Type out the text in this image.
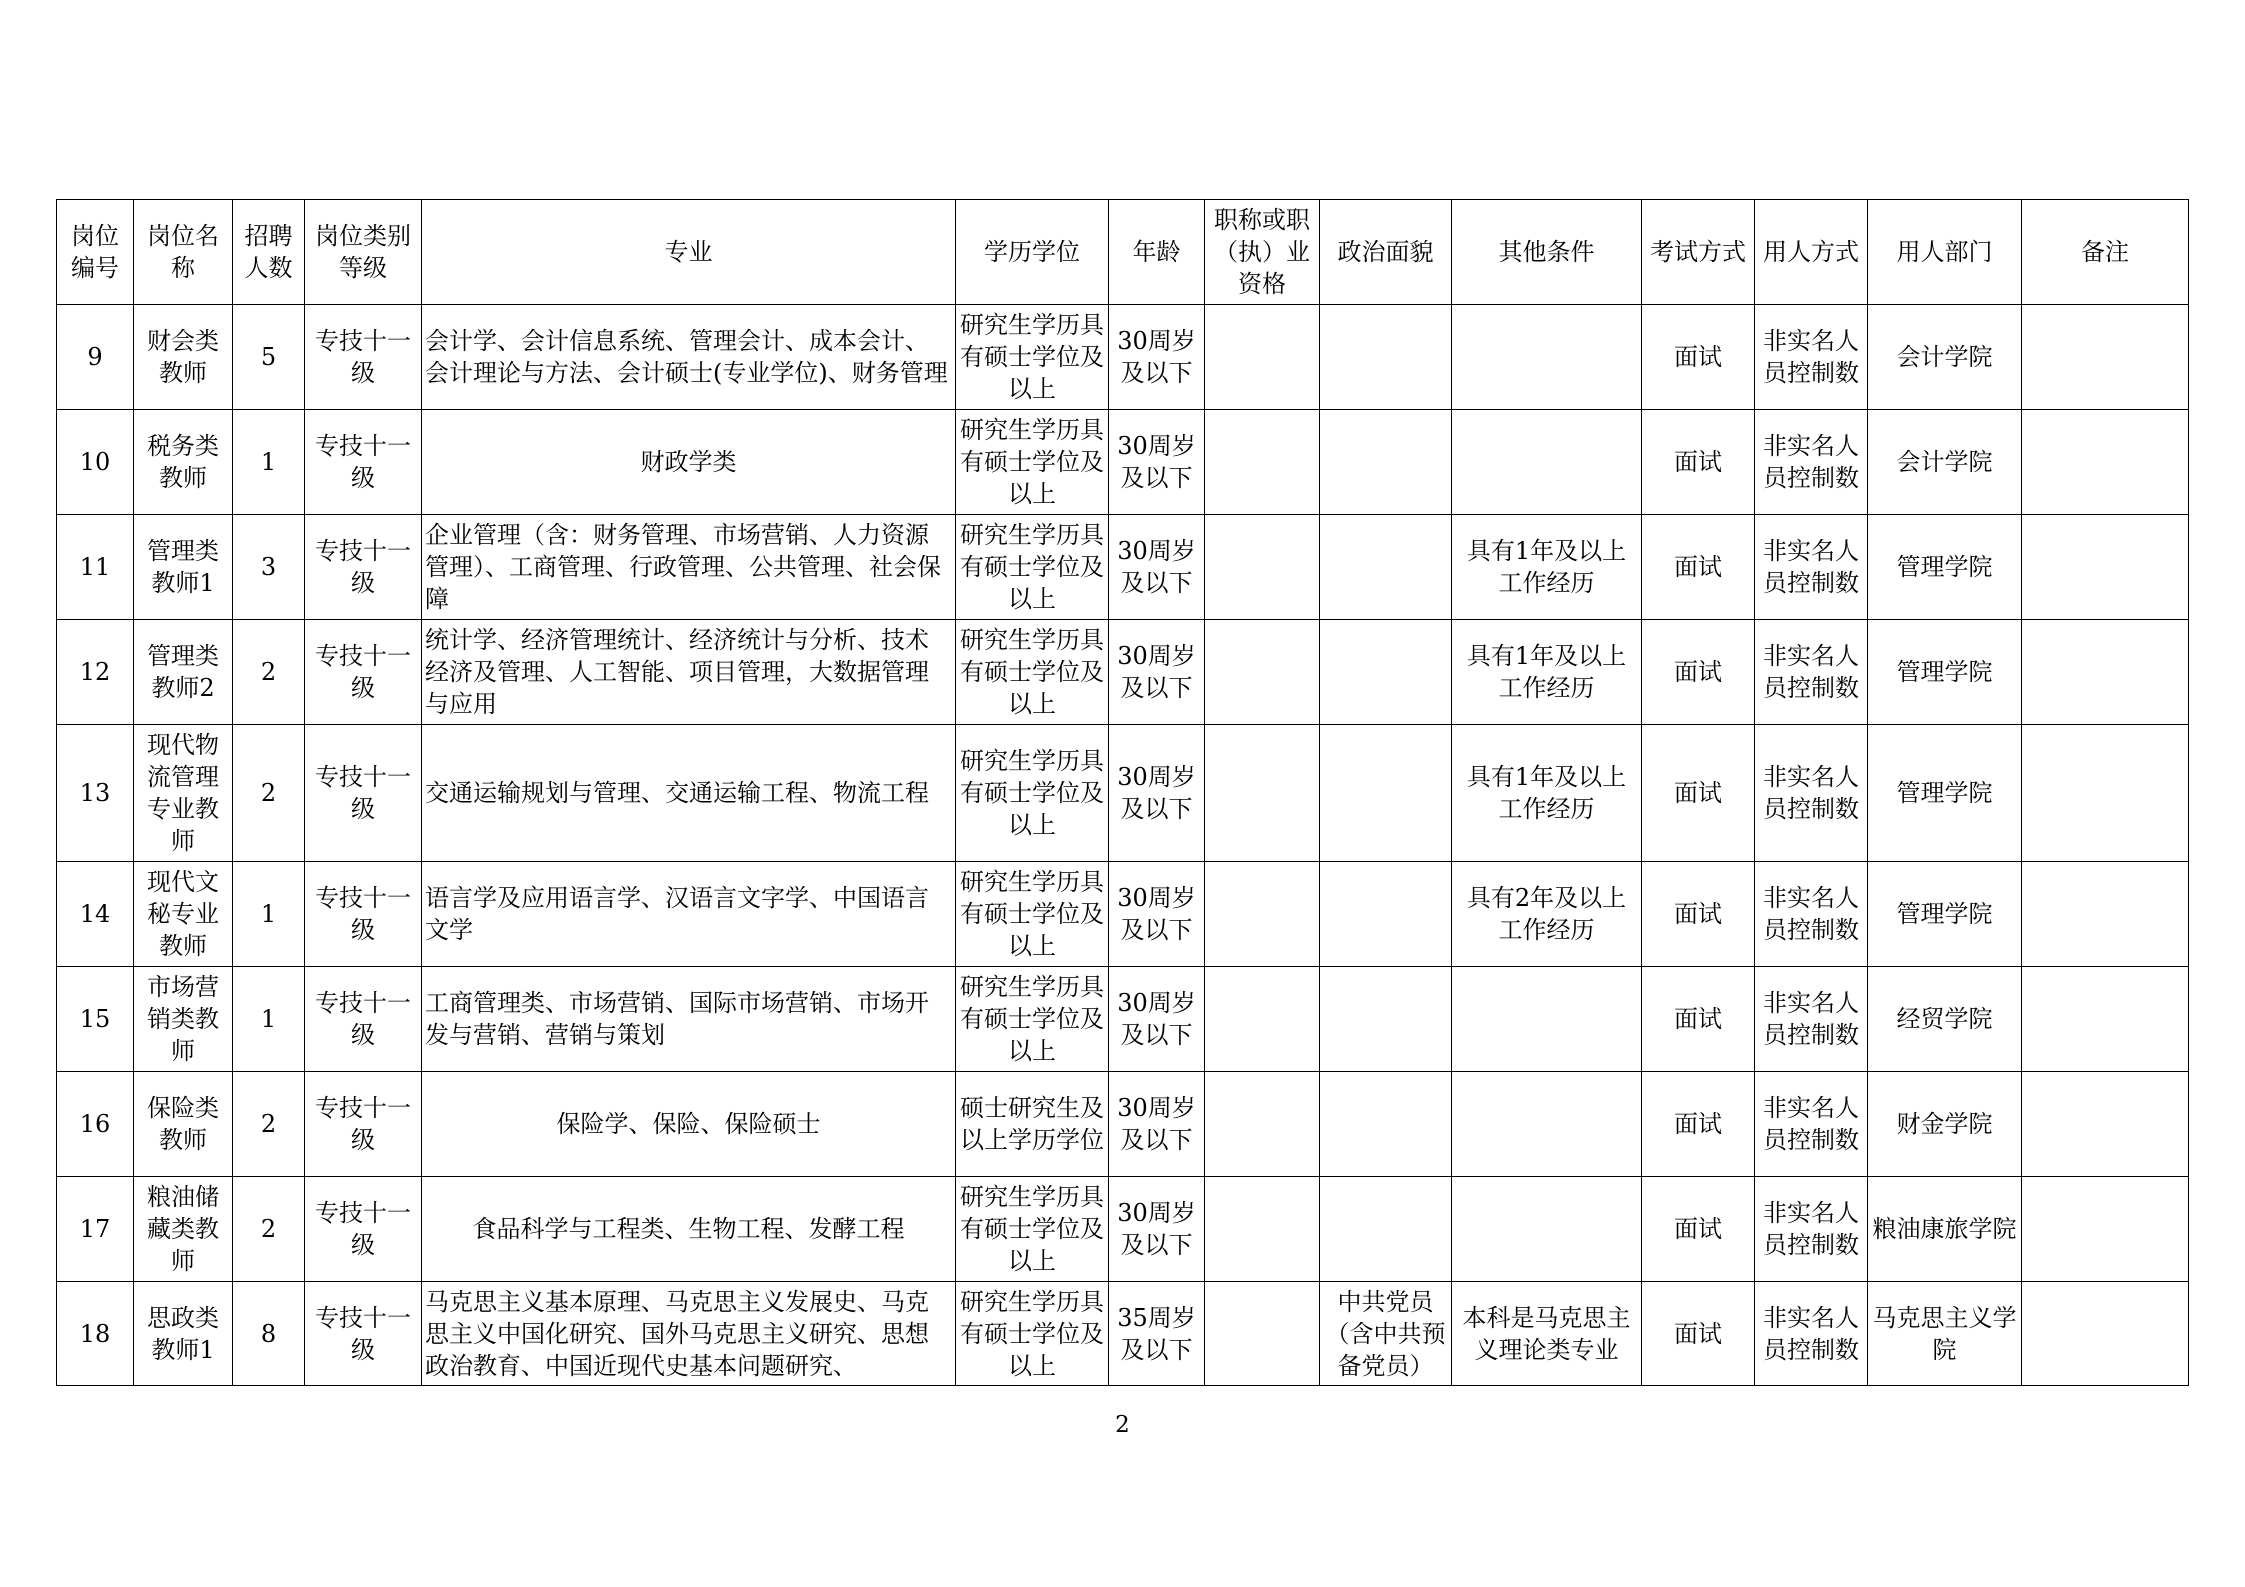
岗位编号	岗位名称	招聘人数	岗位类别等级	专业	学历学位	年龄	职称或职（执）业资格	政治面貌	其他条件	考试方式	用人方式	用人部门	备注
9	财会类教师	5	专技十一级	会计学、会计信息系统、管理会计、成本会计、会计理论与方法、会计硕士(专业学位)、财务管理	研究生学历具有硕士学位及以上	30周岁及以下				面试	非实名人员控制数	会计学院	
10	税务类教师	1	专技十一级	财政学类	研究生学历具有硕士学位及以上	30周岁及以下				面试	非实名人员控制数	会计学院	
11	管理类教师1	3	专技十一级	企业管理（含：财务管理、市场营销、人力资源管理）、工商管理、行政管理、公共管理、社会保障	研究生学历具有硕士学位及以上	30周岁及以下			具有1年及以上工作经历	面试	非实名人员控制数	管理学院	
12	管理类教师2	2	专技十一级	统计学、经济管理统计、经济统计与分析、技术经济及管理、人工智能、项目管理，大数据管理与应用	研究生学历具有硕士学位及以上	30周岁及以下			具有1年及以上工作经历	面试	非实名人员控制数	管理学院	
13	现代物流管理专业教师	2	专技十一级	交通运输规划与管理、交通运输工程、物流工程	研究生学历具有硕士学位及以上	30周岁及以下			具有1年及以上工作经历	面试	非实名人员控制数	管理学院	
14	现代文秘专业教师	1	专技十一级	语言学及应用语言学、汉语言文字学、中国语言文学	研究生学历具有硕士学位及以上	30周岁及以下			具有2年及以上工作经历	面试	非实名人员控制数	管理学院	
15	市场营销类教师	1	专技十一级	工商管理类、市场营销、国际市场营销、市场开发与营销、营销与策划	研究生学历具有硕士学位及以上	30周岁及以下				面试	非实名人员控制数	经贸学院	
16	保险类教师	2	专技十一级	保险学、保险、保险硕士	硕士研究生及以上学历学位	30周岁及以下				面试	非实名人员控制数	财金学院	
17	粮油储藏类教师	2	专技十一级	食品科学与工程类、生物工程、发酵工程	研究生学历具有硕士学位及以上	30周岁及以下				面试	非实名人员控制数	粮油康旅学院	
18	思政类教师1	8	专技十一级	马克思主义基本原理、马克思主义发展史、马克思主义中国化研究、国外马克思主义研究、思想政治教育、中国近现代史基本问题研究、	研究生学历具有硕士学位及以上	35周岁及以下		中共党员（含中共预备党员）	本科是马克思主义理论类专业	面试	非实名人员控制数	马克思主义学院	
2
